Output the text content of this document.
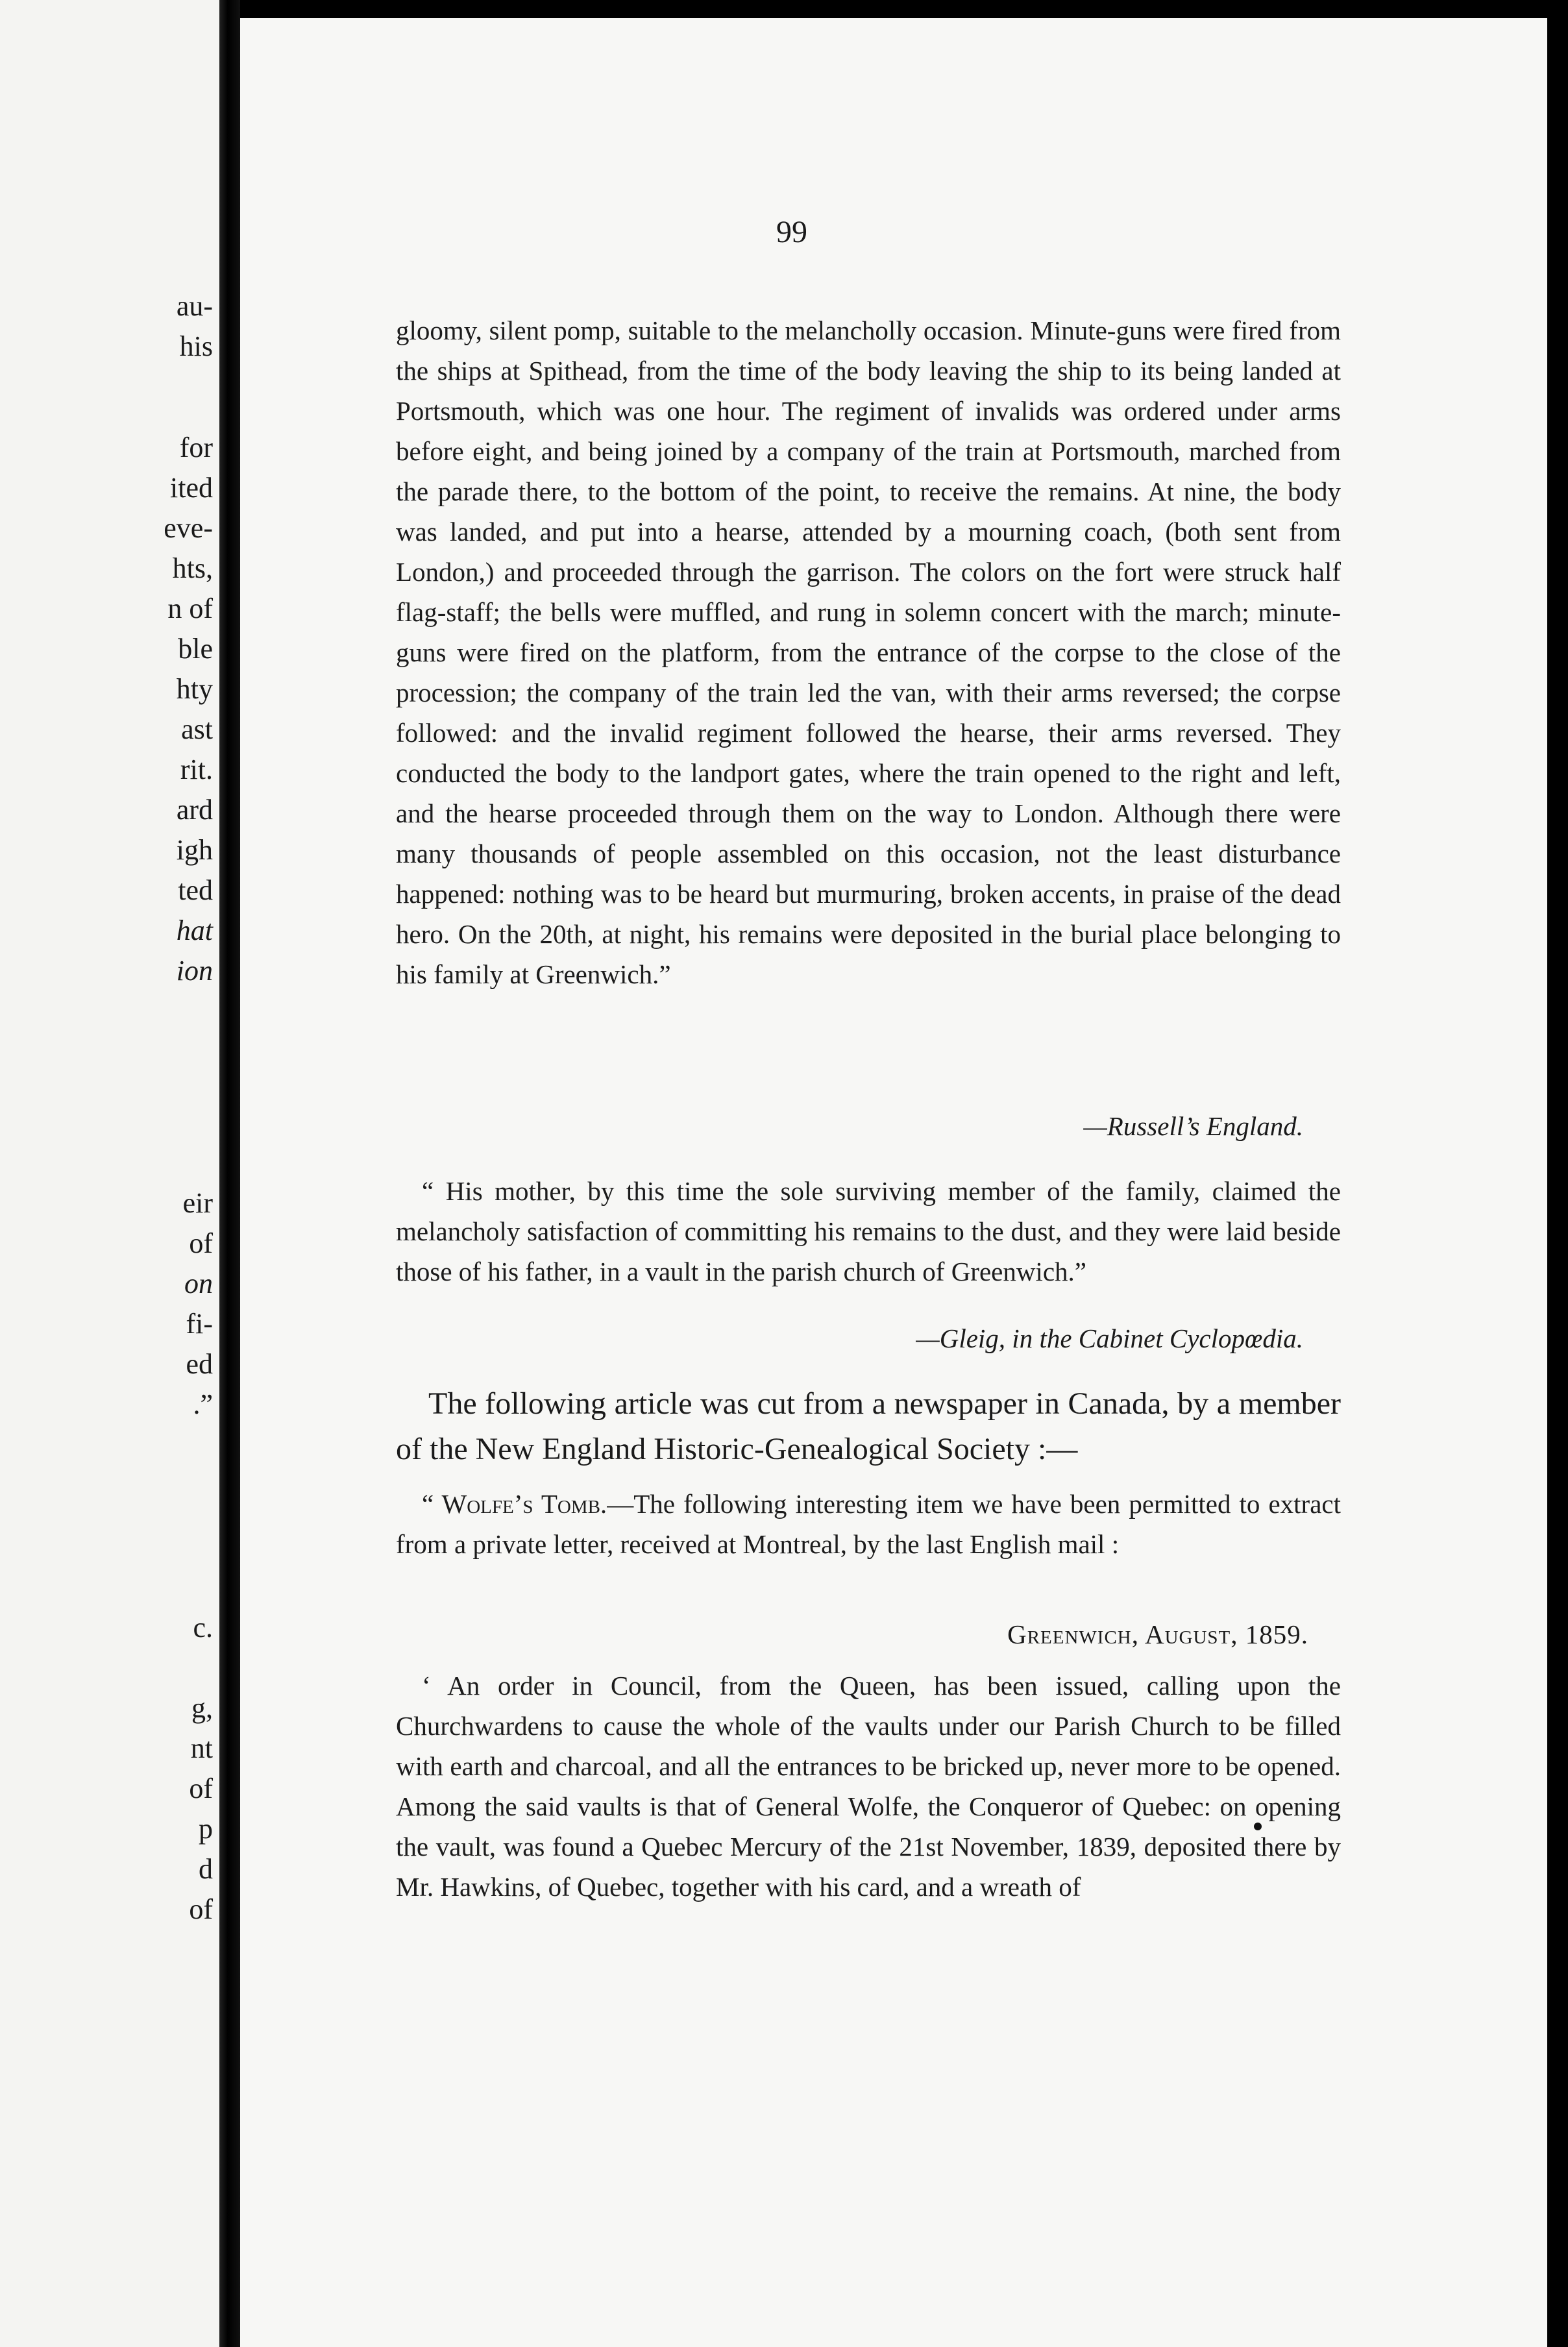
au-
his
for
ited
eve-
hts,
n of
ble
hty
ast
rit.
ard
igh
ted
hat
ion
eir
of
on
fi-
ed
.”
c.
g,
nt
of
p
d
of
99

gloomy, silent pomp, suitable to the melancholly occasion. Minute-guns were fired from the ships at Spithead, from the time of the body leaving the ship to its being landed at Portsmouth, which was one hour. The regiment of invalids was ordered under arms before eight, and being joined by a company of the train at Portsmouth, marched from the parade there, to the bottom of the point, to receive the remains. At nine, the body was landed, and put into a hearse, attended by a mourning coach, (both sent from London,) and proceeded through the garrison. The colors on the fort were struck half flag-staff; the bells were muffled, and rung in solemn concert with the march; minute-guns were fired on the platform, from the entrance of the corpse to the close of the procession; the company of the train led the van, with their arms reversed; the corpse followed: and the invalid regiment followed the hearse, their arms reversed. They conducted the body to the landport gates, where the train opened to the right and left, and the hearse proceeded through them on the way to London. Although there were many thousands of people assembled on this occasion, not the least disturbance happened: nothing was to be heard but murmuring, broken accents, in praise of the dead hero. On the 20th, at night, his remains were deposited in the burial place belonging to his family at Greenwich.”

—Russell’s England.

“ His mother, by this time the sole surviving member of the family, claimed the melancholy satisfaction of committing his remains to the dust, and they were laid beside those of his father, in a vault in the parish church of Greenwich.”

—Gleig, in the Cabinet Cyclopœdia.

The following article was cut from a newspaper in Canada, by a member of the New England Historic-Genealogical Society :—

“ Wolfe’s Tomb.—The following interesting item we have been permitted to extract from a private letter, received at Montreal, by the last English mail :

Greenwich, August, 1859.

‘ An order in Council, from the Queen, has been issued, calling upon the Churchwardens to cause the whole of the vaults under our Parish Church to be filled with earth and charcoal, and all the entrances to be bricked up, never more to be opened. Among the said vaults is that of General Wolfe, the Conqueror of Quebec: on opening the vault, was found a Quebec Mercury of the 21st November, 1839, deposited there by Mr. Hawkins, of Quebec, together with his card, and a wreath of
